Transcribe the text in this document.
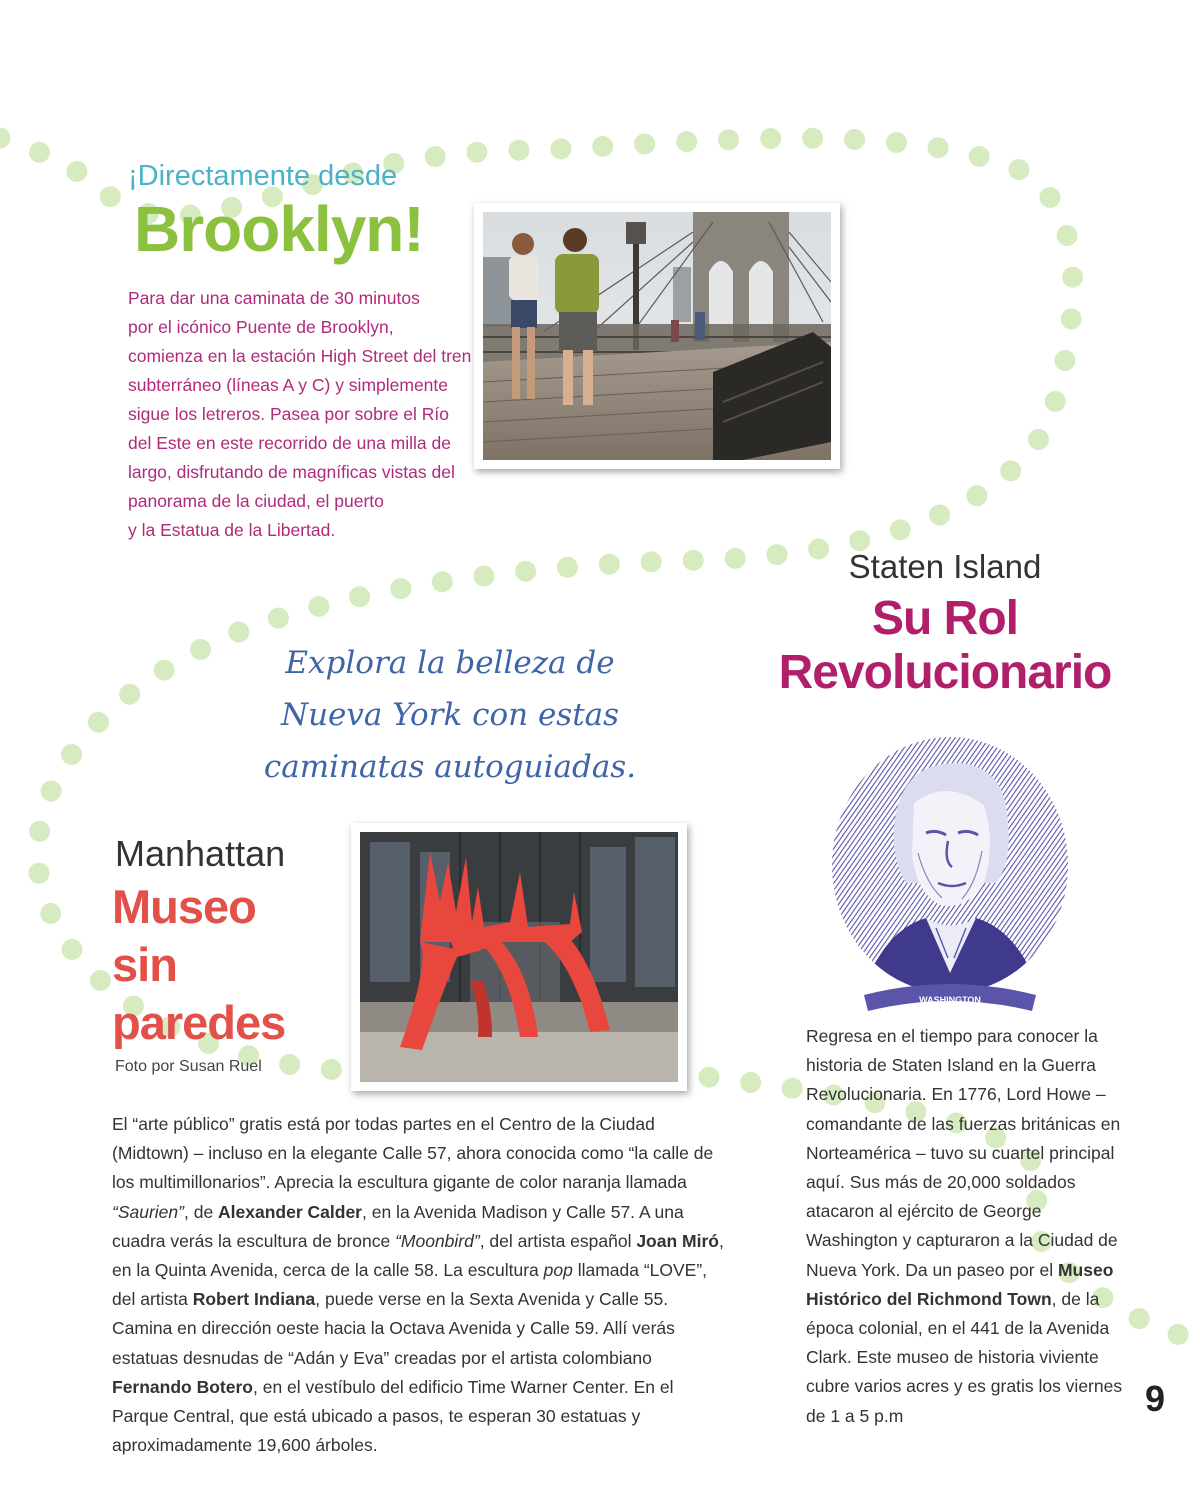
¡Directamente desde
Brooklyn!
Para dar una caminata de 30 minutos
por el icónico Puente de Brooklyn,
comienza en la estación High Street del tren
subterráneo (líneas A y C) y simplemente
sigue los letreros. Pasea por sobre el Río
del Este en este recorrido de una milla de
largo, disfrutando de magníficas vistas del
panorama de la ciudad, el puerto
y la Estatua de la Libertad.
Explora la belleza de
Nueva York con estas
caminatas autoguiadas.
Staten Island
Su Rol
Revolucionario
WASHINGTON
Regresa en el tiempo para conocer la historia de Staten Island en la Guerra Revolucionaria. En 1776, Lord Howe – comandante de las fuerzas británicas en Norteamérica – tuvo su cuartel principal aquí. Sus más de 20,000 soldados atacaron al ejército de George Washington y capturaron a la Ciudad de Nueva York. Da un paseo por el Museo Histórico del Richmond Town, de la época colonial, en el 441 de la Avenida Clark. Este museo de historia viviente cubre varios acres y es gratis los viernes de 1 a 5 p.m
Manhattan
Museo
sin
paredes
Foto por Susan Ruel
El “arte público” gratis está por todas partes en el Centro de la Ciudad (Midtown) – incluso en la elegante Calle 57, ahora conocida como “la calle de los multimillonarios”. Aprecia la escultura gigante de color naranja llamada “Saurien”, de Alexander Calder, en la Avenida Madison y Calle 57. A una cuadra verás la escultura de bronce “Moonbird”, del artista español Joan Miró, en la Quinta Avenida, cerca de la calle 58. La escultura pop llamada “LOVE”, del artista Robert Indiana, puede verse en la Sexta Avenida y Calle 55. Camina en dirección oeste hacia la Octava Avenida y Calle 59. Allí verás estatuas desnudas de “Adán y Eva” creadas por el artista colombiano Fernando Botero, en el vestíbulo del edificio Time Warner Center. En el Parque Central, que está ubicado a pasos, te esperan 30 estatuas y aproximadamente 19,600 árboles.
9
